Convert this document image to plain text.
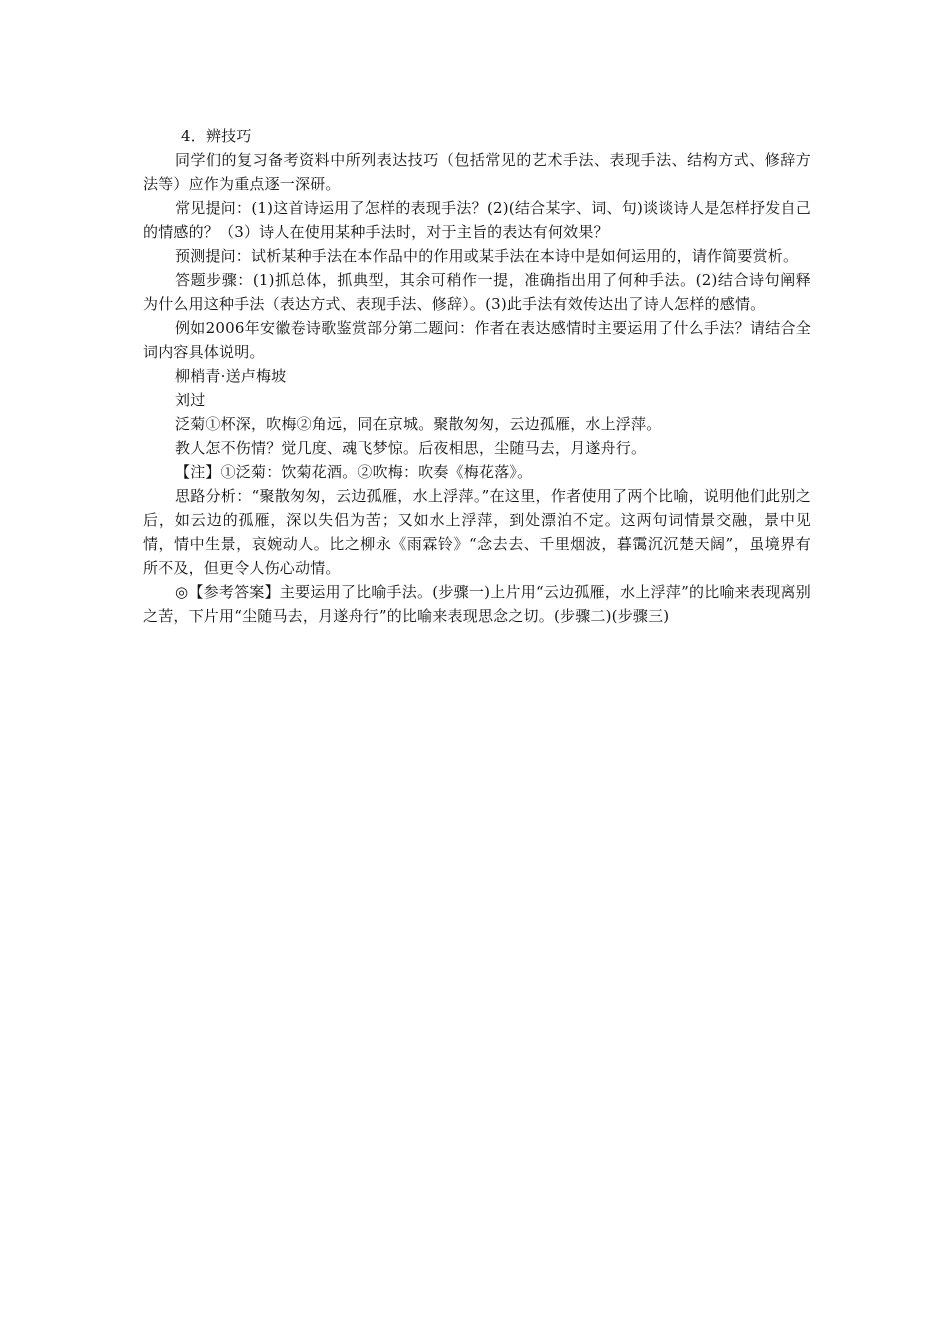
4．辨技巧

同学们的复习备考资料中所列表达技巧（包括常见的艺术手法、表现手法、结构方式、修辞方法等）应作为重点逐一深研。

常见提问：(1)这首诗运用了怎样的表现手法？(2)(结合某字、词、句)谈谈诗人是怎样抒发自己的情感的？（3）诗人在使用某种手法时，对于主旨的表达有何效果？

预测提问：试析某种手法在本作品中的作用或某手法在本诗中是如何运用的，请作简要赏析。

答题步骤：(1)抓总体，抓典型，其余可稍作一提，准确指出用了何种手法。(2)结合诗句阐释为什么用这种手法（表达方式、表现手法、修辞）。(3)此手法有效传达出了诗人怎样的感情。

例如2006年安徽卷诗歌鉴赏部分第二题问：作者在表达感情时主要运用了什么手法？请结合全词内容具体说明。

柳梢青·送卢梅坡

刘过

泛菊①杯深，吹梅②角远，同在京城。聚散匆匆，云边孤雁，水上浮萍。

教人怎不伤情？觉几度、魂飞梦惊。后夜相思，尘随马去，月遂舟行。

【注】①泛菊：饮菊花酒。②吹梅：吹奏《梅花落》。

思路分析：“聚散匆匆，云边孤雁，水上浮萍。”在这里，作者使用了两个比喻，说明他们此别之后，如云边的孤雁，深以失侣为苦；又如水上浮萍，到处漂泊不定。这两句词情景交融，景中见情，情中生景，哀婉动人。比之柳永《雨霖铃》“念去去、千里烟波，暮霭沉沉楚天阔”，虽境界有所不及，但更令人伤心动情。

◎【参考答案】主要运用了比喻手法。(步骤一)上片用“云边孤雁，水上浮萍”的比喻来表现离别之苦，下片用“尘随马去，月遂舟行”的比喻来表现思念之切。(步骤二)(步骤三)
